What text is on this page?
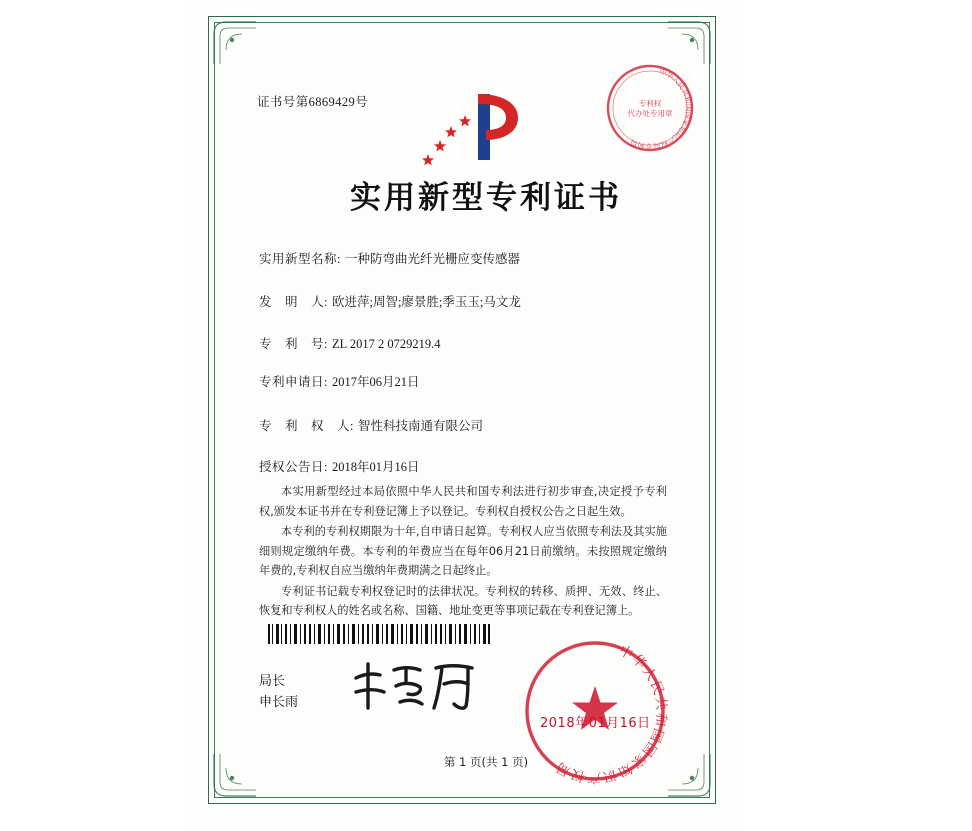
证书号第6869429号
中华人民共和国国家知识产权局专利局
专利权
代办处专用章
实用新型专利证书
实用新型名称: 一种防弯曲光纤光栅应变传感器
发　明　人: 欧进萍;周智;廖景胜;季玉玉;马文龙
专　利　号: ZL 2017 2 0729219.4
专利申请日: 2017年06月21日
专　利　权　人: 智性科技南通有限公司
授权公告日: 2018年01月16日

本实用新型经过本局依照中华人民共和国专利法进行初步审查,决定授予专利权,颁发本证书并在专利登记簿上予以登记。专利权自授权公告之日起生效。

本专利的专利权期限为十年,自申请日起算。专利权人应当依照专利法及其实施细则规定缴纳年费。本专利的年费应当在每年06月21日前缴纳。未按照规定缴纳年费的,专利权自应当缴纳年费期满之日起终止。

专利证书记载专利权登记时的法律状况。专利权的转移、质押、无效、终止、恢复和专利权人的姓名或名称、国籍、地址变更等事项记载在专利登记簿上。

局长
申长雨
中华人民共和国国家知识产权局
2018年01月16日
第 1 页(共 1 页)
